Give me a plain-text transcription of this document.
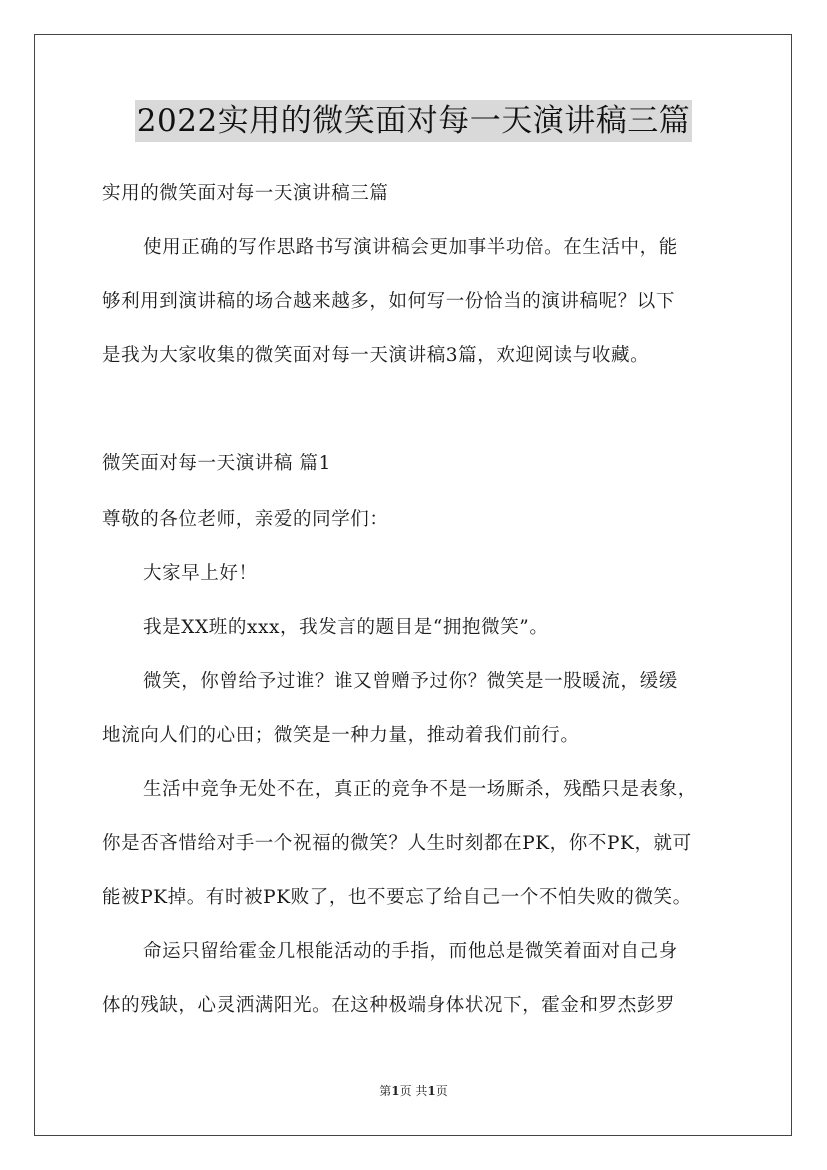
2022实用的微笑面对每一天演讲稿三篇
实用的微笑面对每一天演讲稿三篇
使用正确的写作思路书写演讲稿会更加事半功倍。在生活中，能
够利用到演讲稿的场合越来越多，如何写一份恰当的演讲稿呢？以下
是我为大家收集的微笑面对每一天演讲稿3篇，欢迎阅读与收藏。
微笑面对每一天演讲稿 篇1
尊敬的各位老师，亲爱的同学们：
大家早上好！
我是XX班的xxx，我发言的题目是“拥抱微笑”。
微笑，你曾给予过谁？谁又曾赠予过你？微笑是一股暖流，缓缓
地流向人们的心田；微笑是一种力量，推动着我们前行。
生活中竞争无处不在，真正的竞争不是一场厮杀，残酷只是表象，
你是否吝惜给对手一个祝福的微笑？人生时刻都在PK，你不PK，就可
能被PK掉。有时被PK败了，也不要忘了给自己一个不怕失败的微笑。
命运只留给霍金几根能活动的手指，而他总是微笑着面对自己身
体的残缺，心灵洒满阳光。在这种极端身体状况下，霍金和罗杰彭罗
第1页 共1页
